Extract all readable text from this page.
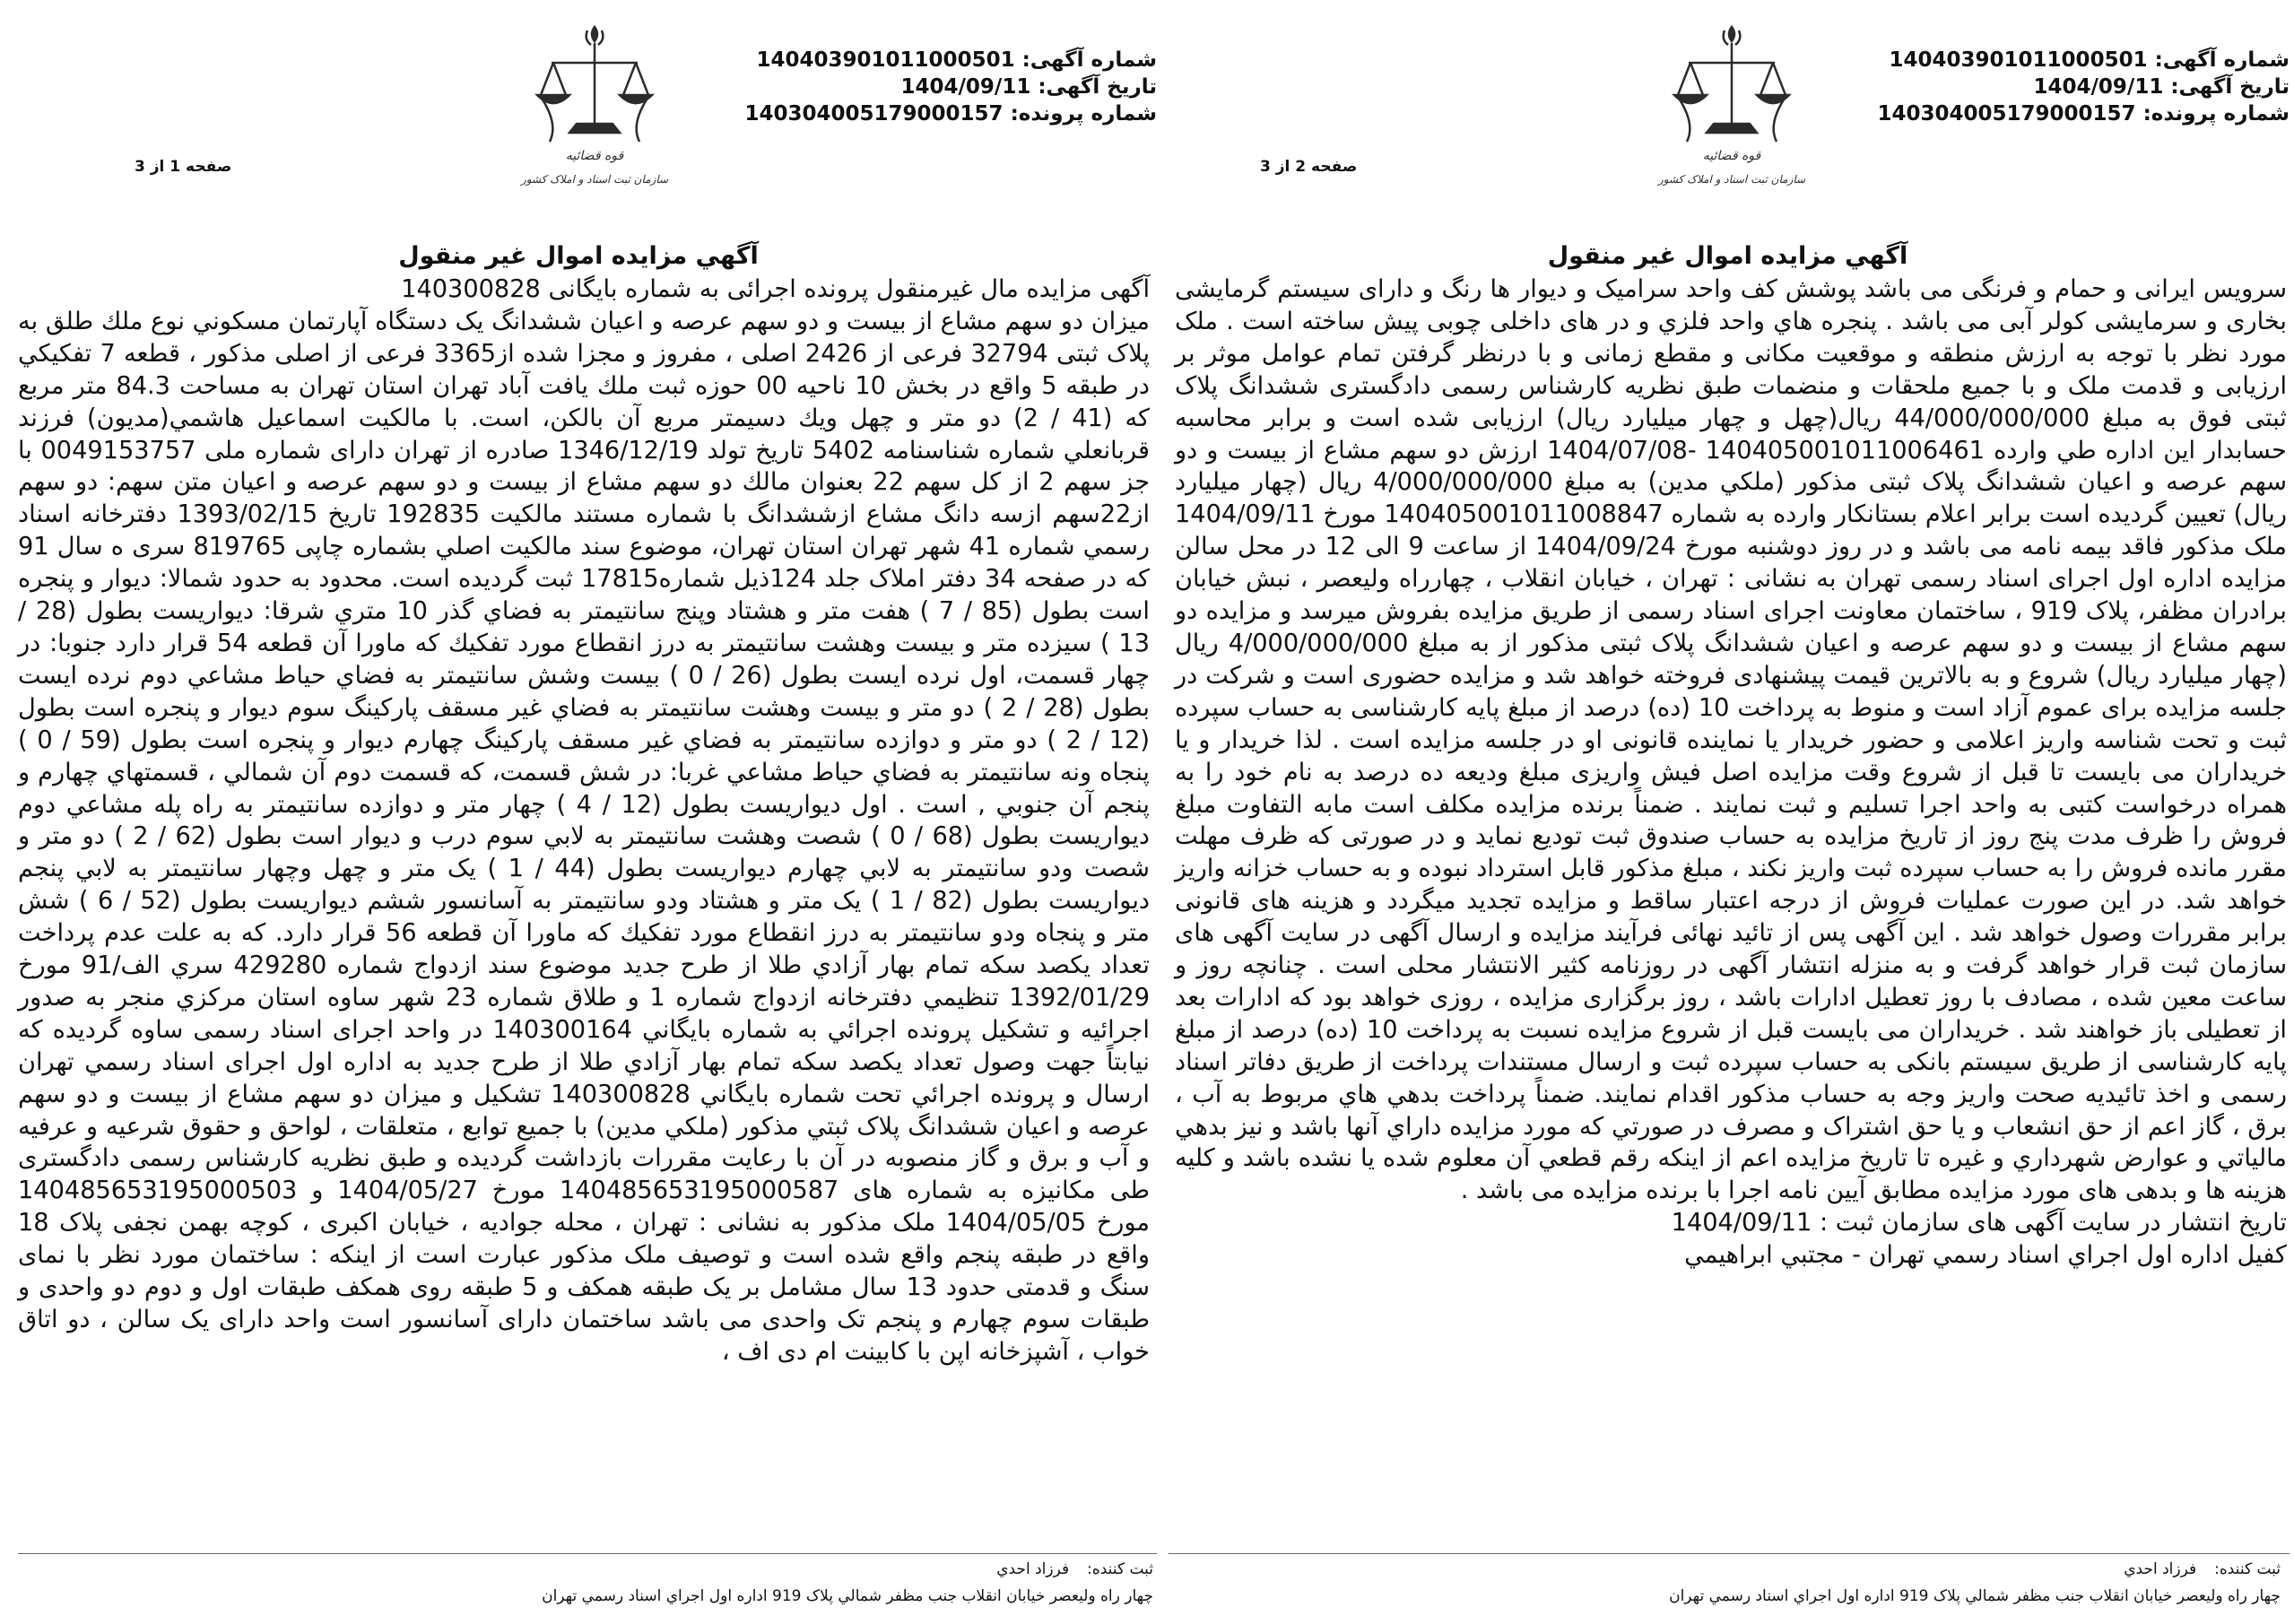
شماره آگهی:140403901011000501
تاریخ آگهی:1404/09/11
شماره پرونده:140304005179000157
قوه قضائیه
سازمان ثبت اسناد و املاک کشور
صفحه 1 از 3
آگهي مزايده اموال غير منقول

آگهی مزایده مال غیرمنقول پرونده اجرائی به شماره بایگانی 140300828

میزان دو سهم مشاع از بیست و دو سهم عرصه و اعیان ششدانگ یک دستگاه آپارتمان مسكوني نوع ملك طلق به پلاک ثبتی 32794 فرعی از 2426 اصلی ، مفروز و مجزا شده از3365 فرعی از اصلی مذکور ، قطعه 7 تفكيكي در طبقه 5 واقع در بخش 10 ناحيه 00 حوزه ثبت ملك يافت آباد تهران استان تهران به مساحت 84.3 متر مربع كه (41 / 2) دو متر و چهل ويك دسيمتر مربع آن بالكن، است. با مالکیت اسماعيل هاشمي(مدیون) فرزند قربانعلي شماره شناسنامه 5402 تاريخ تولد 1346/12/19 صادره از تهران دارای شماره ملی 0049153757 با جز سهم 2 از كل سهم 22 بعنوان مالك دو سهم مشاع از بيست و دو سهم عرصه و اعيان متن سهم: دو سهم از22سهم ازسه دانگ مشاع ازششدانگ با شماره مستند مالکیت 192835 تاريخ 1393/02/15 دفترخانه اسناد رسمي شماره 41 شهر تهران استان تهران، موضوع سند مالکیت اصلي بشماره چاپی 819765 سری ه سال 91 كه در صفحه 34 دفتر املاک جلد 124ذیل شماره17815 ثبت گرديده است. محدود به حدود شمالا: ديوار و پنجره است بطول (85 / 7 ) هفت متر و هشتاد وپنج سانتيمتر به فضاي گذر 10 متري شرقا: ديواريست بطول (28 / 13 ) سيزده متر و بيست وهشت سانتيمتر به درز انقطاع مورد تفكيك كه ماورا آن قطعه 54 قرار دارد جنوبا: در چهار قسمت، اول نرده ايست بطول (26 / 0 ) بيست وشش سانتيمتر به فضاي حياط مشاعي دوم نرده ايست بطول (28 / 2 ) دو متر و بيست وهشت سانتيمتر به فضاي غير مسقف پاركينگ سوم ديوار و پنجره است بطول (12 / 2 ) دو متر و دوازده سانتيمتر به فضاي غير مسقف پاركينگ چهارم ديوار و پنجره است بطول (59 / 0 ) پنجاه ونه سانتيمتر به فضاي حياط مشاعي غربا: در شش قسمت، كه قسمت دوم آن شمالي ، قسمتهاي چهارم و پنجم آن جنوبي , است . اول ديواريست بطول (12 / 4 ) چهار متر و دوازده سانتيمتر به راه پله مشاعي دوم ديواريست بطول (68 / 0 ) شصت وهشت سانتيمتر به لابي سوم درب و ديوار است بطول (62 / 2 ) دو متر و شصت ودو سانتيمتر به لابي چهارم ديواريست بطول (44 / 1 ) يک متر و چهل وچهار سانتيمتر به لابي پنجم ديواريست بطول (82 / 1 ) يک متر و هشتاد ودو سانتيمتر به آسانسور ششم ديواريست بطول (52 / 6 ) شش متر و پنجاه ودو سانتيمتر به درز انقطاع مورد تفكيك كه ماورا آن قطعه 56 قرار دارد. كه به علت عدم پرداخت تعداد يکصد سکه تمام بهار آزادي طلا از طرح جديد موضوع سند ازدواج شماره 429280 سري الف/91 مورخ 1392/01/29 تنظيمي دفترخانه ازدواج شماره 1 و طلاق شماره 23 شهر ساوه استان مركزي منجر به صدور اجرائيه و تشکيل پرونده اجرائي به شماره بايگاني 140300164 در واحد اجرای اسناد رسمی ساوه گرديده كه نيابتاً جهت وصول تعداد يکصد سکه تمام بهار آزادي طلا از طرح جديد به اداره اول اجرای اسناد رسمي تهران ارسال و پرونده اجرائي تحت شماره بايگاني 140300828 تشکيل و ميزان دو سهم مشاع از بيست و دو سهم عرصه و اعيان ششدانگ پلاک ثبتي مذکور (ملكي مدين) با جميع توابع ، متعلقات ، لواحق و حقوق شرعيه و عرفيه و آب و برق و گاز منصوبه در آن با رعايت مقررات بازداشت گرديده و طبق نظريه کارشناس رسمی دادگستری طی مکانيزه به شماره های 140485653195000587 مورخ 1404/05/27 و 140485653195000503 مورخ 1404/05/05 ملک مذکور به نشانی : تهران ، محله جواديه ، خيابان اكبری ، كوچه بهمن نجفی پلاک 18 واقع در طبقه پنجم واقع شده است و توصيف ملک مذکور عبارت است از اينکه : ساختمان مورد نظر با نمای سنگ و قدمتی حدود 13 سال مشامل بر يک طبقه همکف و 5 طبقه روی همکف طبقات اول و دوم دو واحدی و طبقات سوم چهارم و پنجم تک واحدی می باشد ساختمان دارای آسانسور است واحد دارای یک سالن ، دو اتاق خواب ، آشپزخانه اپن با کابينت ام دی اف ،

ثبت كننده:فرزاد احدي
چهار راه وليعصر خيابان انقلاب جنب مظفر شمالي پلاک 919 اداره اول اجراي اسناد رسمي تهران
شماره آگهی:140403901011000501
تاریخ آگهی:1404/09/11
شماره پرونده:140304005179000157
قوه قضائیه
سازمان ثبت اسناد و املاک کشور
صفحه 2 از 3
آگهي مزايده اموال غير منقول

سرويس ايرانی و حمام و فرنگی می باشد پوشش کف واحد سراميک و ديوار ها رنگ و دارای سيستم گرمايشی بخاری و سرمايشی کولر آبی می باشد . پنجره هاي واحد فلزي و در های داخلی چوبی پيش ساخته است . ملک مورد نظر با توجه به ارزش منطقه و موقعيت مکانی و مقطع زمانی و با درنظر گرفتن تمام عوامل موثر بر ارزيابی و قدمت ملک و با جميع ملحقات و منضمات طبق نظريه کارشناس رسمی دادگستری ششدانگ پلاک ثبتی فوق به مبلغ 44/000/000/000 ريال(چهل و چهار ميليارد ريال) ارزيابی شده است و برابر محاسبه حسابدار اين اداره طي وارده 140405001011006461 -1404/07/08 ارزش دو سهم مشاع از بيست و دو سهم عرصه و اعيان ششدانگ پلاک ثبتی مذکور (ملکي مدين) به مبلغ 4/000/000/000 ريال (چهار ميليارد ريال) تعيين گرديده است برابر اعلام بستانكار وارده به شماره 140405001011008847 مورخ 1404/09/11 ملک مذکور فاقد بيمه نامه می باشد و در روز دوشنبه مورخ 1404/09/24 از ساعت 9 الی 12 در محل سالن مزايده اداره اول اجرای اسناد رسمی تهران به نشانی : تهران ، خيابان انقلاب ، چهارراه وليعصر ، نبش خيابان برادران مظفر، پلاک 919 ، ساختمان معاونت اجرای اسناد رسمی از طريق مزايده بفروش ميرسد و مزايده دو سهم مشاع از بيست و دو سهم عرصه و اعيان ششدانگ پلاک ثبتی مذکور از به مبلغ 4/000/000/000 ريال (چهار ميليارد ريال) شروع و به بالاترين قيمت پيشنهادی فروخته خواهد شد و مزايده حضوری است و شرکت در جلسه مزايده برای عموم آزاد است و منوط به پرداخت 10 (ده) درصد از مبلغ پايه کارشناسی به حساب سپرده ثبت و تحت شناسه واريز اعلامی و حضور خريدار يا نماينده قانونی او در جلسه مزايده است . لذا خريدار و يا خريداران می بايست تا قبل از شروع وقت مزايده اصل فيش واريزی مبلغ وديعه ده درصد به نام خود را به همراه درخواست کتبی به واحد اجرا تسليم و ثبت نمايند . ضمناً برنده مزايده مکلف است مابه التفاوت مبلغ فروش را ظرف مدت پنج روز از تاريخ مزايده به حساب صندوق ثبت توديع نمايد و در صورتی که ظرف مهلت مقرر مانده فروش را به حساب سپرده ثبت واريز نکند ، مبلغ مذکور قابل استرداد نبوده و به حساب خزانه واريز خواهد شد. در اين صورت عمليات فروش از درجه اعتبار ساقط و مزايده تجديد ميگردد و هزينه های قانونی برابر مقررات وصول خواهد شد . اين آگهی پس از تائيد نهائی فرآيند مزايده و ارسال آگهی در سايت آگهی های سازمان ثبت قرار خواهد گرفت و به منزله انتشار آگهی در روزنامه کثير الانتشار محلی است . چنانچه روز و ساعت معين شده ، مصادف با روز تعطيل ادارات باشد ، روز برگزاری مزايده ، روزی خواهد بود که ادارات بعد از تعطيلی باز خواهند شد . خريداران می بايست قبل از شروع مزايده نسبت به پرداخت 10 (ده) درصد از مبلغ پايه کارشناسی از طريق سيستم بانکی به حساب سپرده ثبت و ارسال مستندات پرداخت از طريق دفاتر اسناد رسمی و اخذ تائيديه صحت واريز وجه به حساب مذکور اقدام نمايند. ضمناً پرداخت بدهي هاي مربوط به آب ، برق ، گاز اعم از حق انشعاب و يا حق اشتراک و مصرف در صورتي که مورد مزايده داراي آنها باشد و نيز بدهي مالياتي و عوارض شهرداري و غيره تا تاريخ مزايده اعم از اينکه رقم قطعي آن معلوم شده يا نشده باشد و کليه هزينه ها و بدهی های مورد مزايده مطابق آيين نامه اجرا با برنده مزايده می باشد .

تاريخ انتشار در سايت آگهی های سازمان ثبت : 1404/09/11

کفيل اداره اول اجراي اسناد رسمي تهران - مجتبي ابراهيمي

ثبت كننده:فرزاد احدي
چهار راه وليعصر خيابان انقلاب جنب مظفر شمالي پلاک 919 اداره اول اجراي اسناد رسمي تهران
